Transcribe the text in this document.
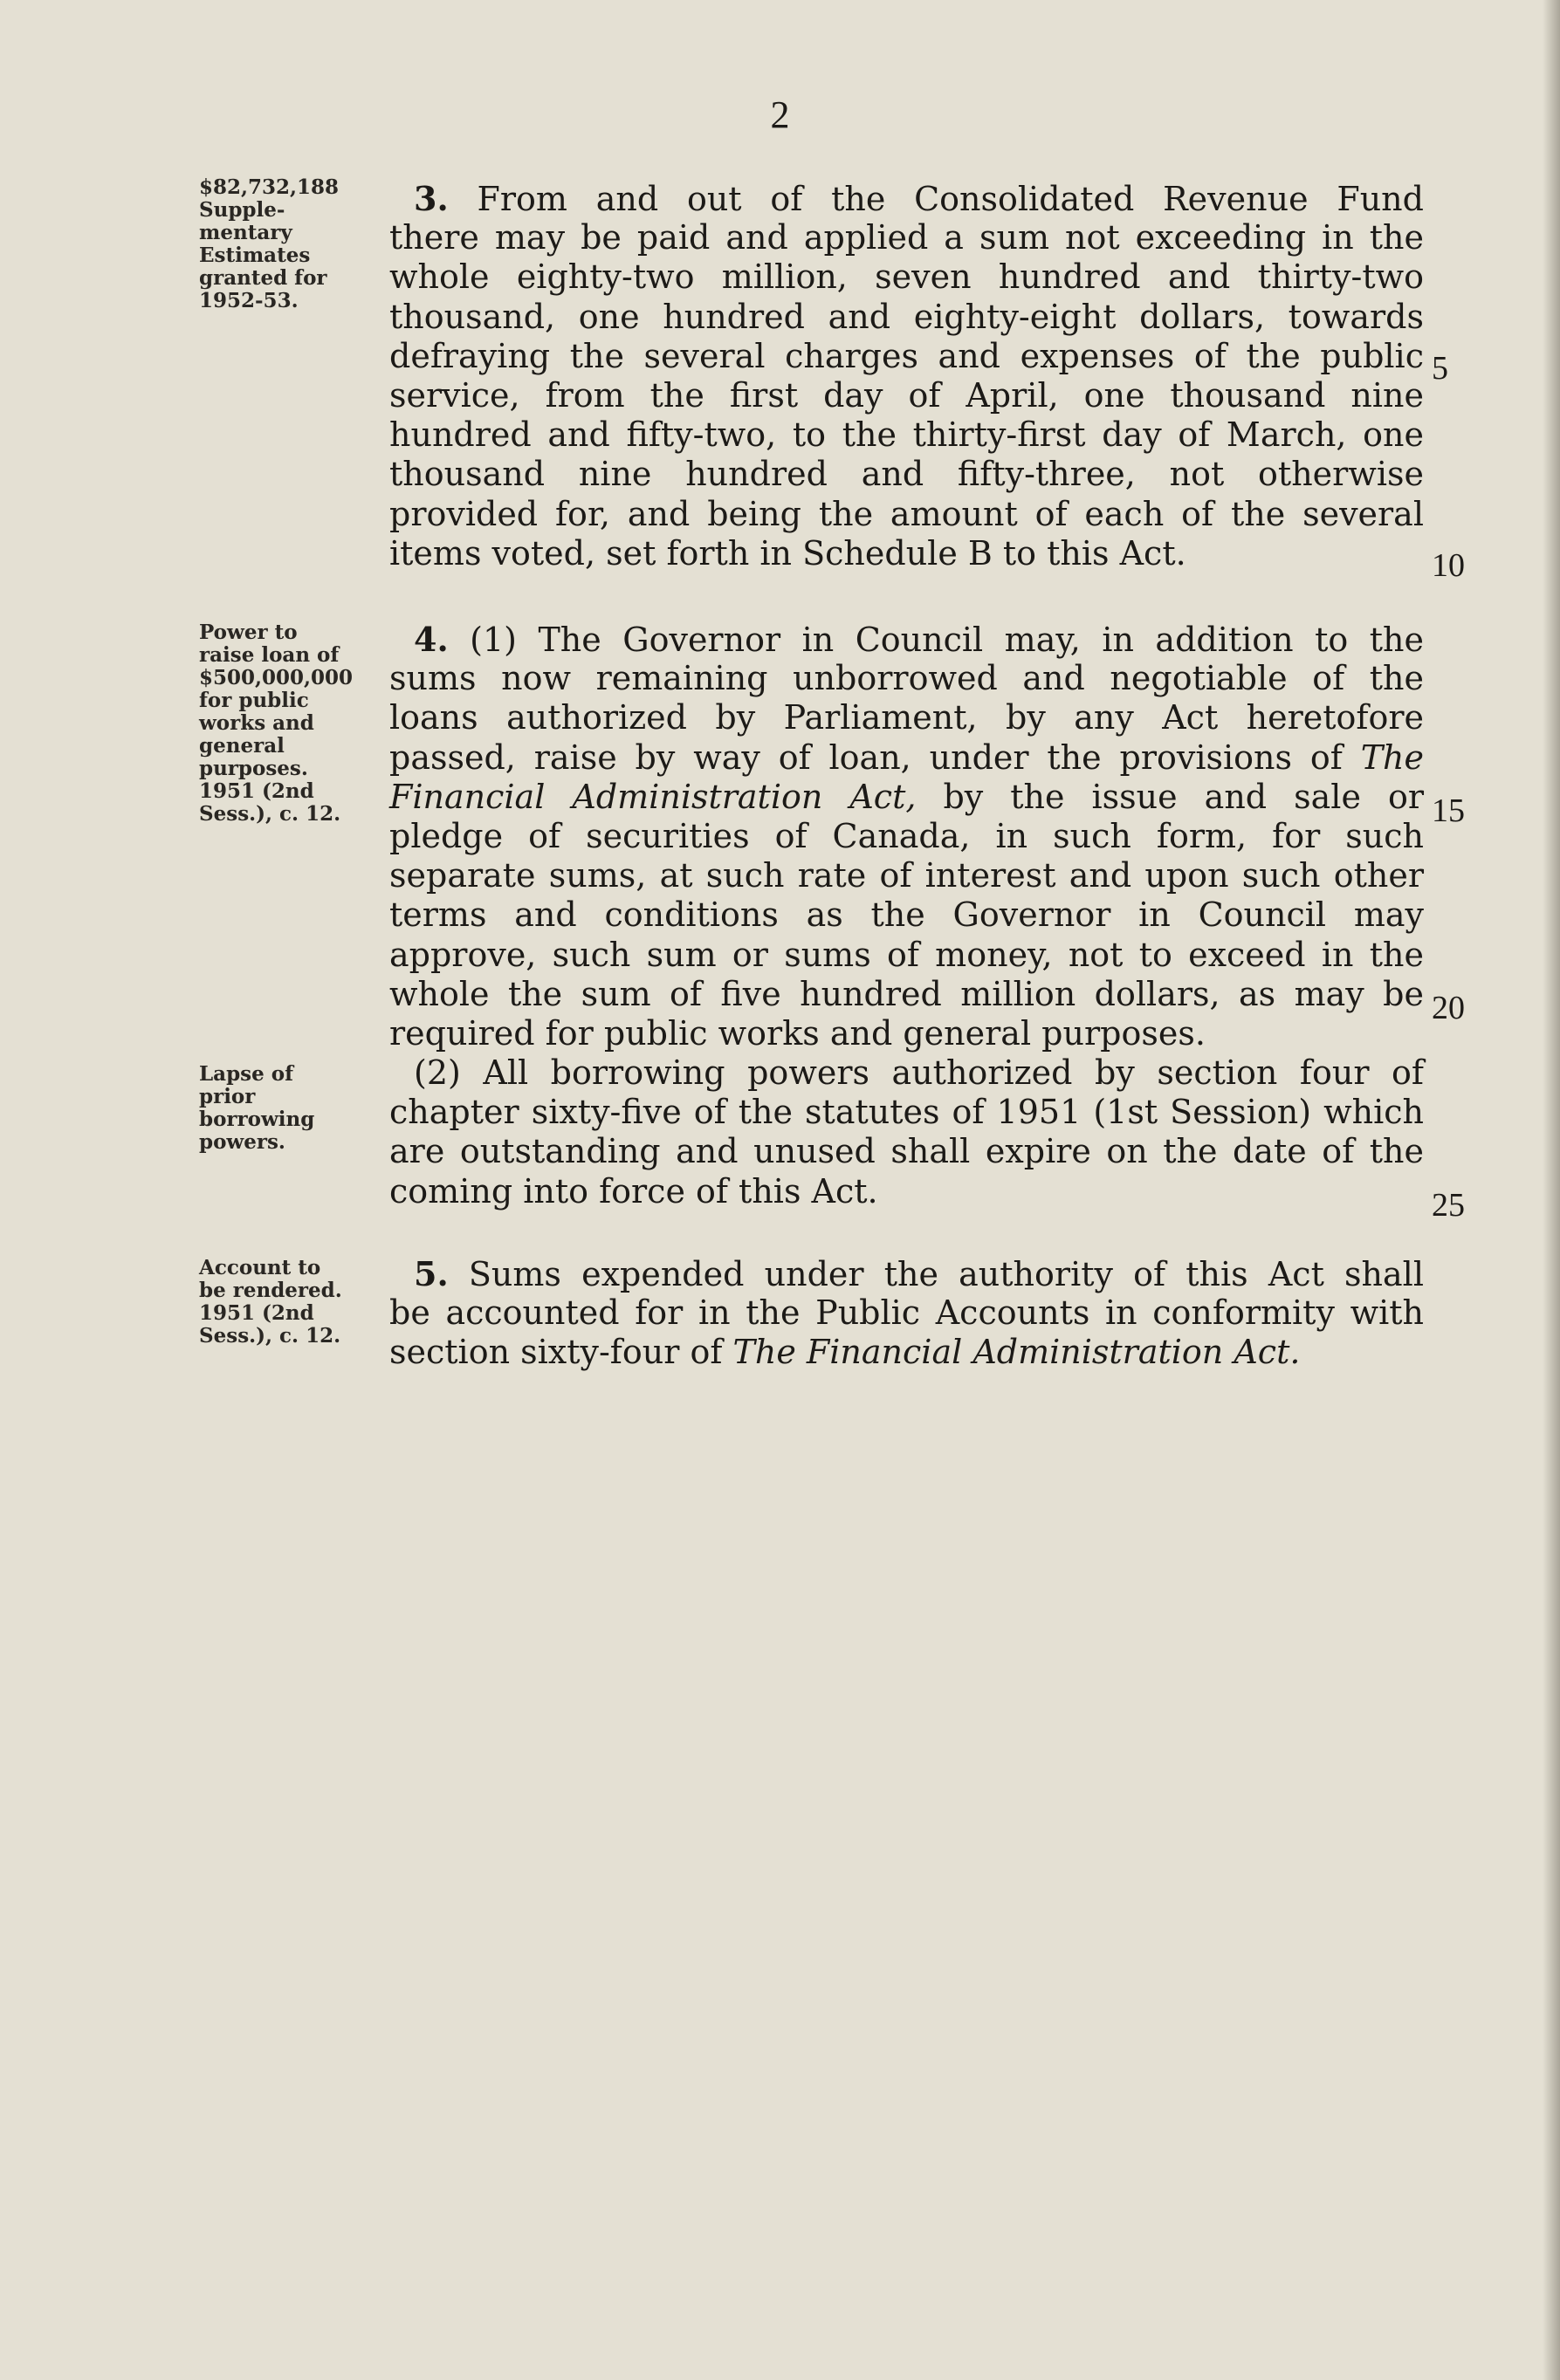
2
$82,732,188
Supple-
mentary
Estimates
granted for
1952-53.
3. From and out of the Consolidated Revenue Fund
there may be paid and applied a sum not exceeding in the
whole eighty-two million, seven hundred and thirty-two
thousand, one hundred and eighty-eight dollars, towards
defraying the several charges and expenses of the public
service, from the first day of April, one thousand nine
hundred and fifty-two, to the thirty-first day of March, one
thousand nine hundred and fifty-three, not otherwise
provided for, and being the amount of each of the several
items voted, set forth in Schedule B to this Act.
Power to
raise loan of
$500,000,000
for public
works and
general
purposes.
1951 (2nd
Sess.), c. 12.
Lapse of
prior
borrowing
powers.
4. (1) The Governor in Council may, in addition to the
sums now remaining unborrowed and negotiable of the
loans authorized by Parliament, by any Act heretofore
passed, raise by way of loan, under the provisions of The
Financial Administration Act, by the issue and sale or
pledge of securities of Canada, in such form, for such
separate sums, at such rate of interest and upon such other
terms and conditions as the Governor in Council may
approve, such sum or sums of money, not to exceed in the
whole the sum of five hundred million dollars, as may be
required for public works and general purposes.
(2) All borrowing powers authorized by section four of
chapter sixty-five of the statutes of 1951 (1st Session) which
are outstanding and unused shall expire on the date of the
coming into force of this Act.
Account to
be rendered.
1951 (2nd
Sess.), c. 12.
5. Sums expended under the authority of this Act shall
be accounted for in the Public Accounts in conformity with
section sixty-four of The Financial Administration Act.
5
10
15
20
25
